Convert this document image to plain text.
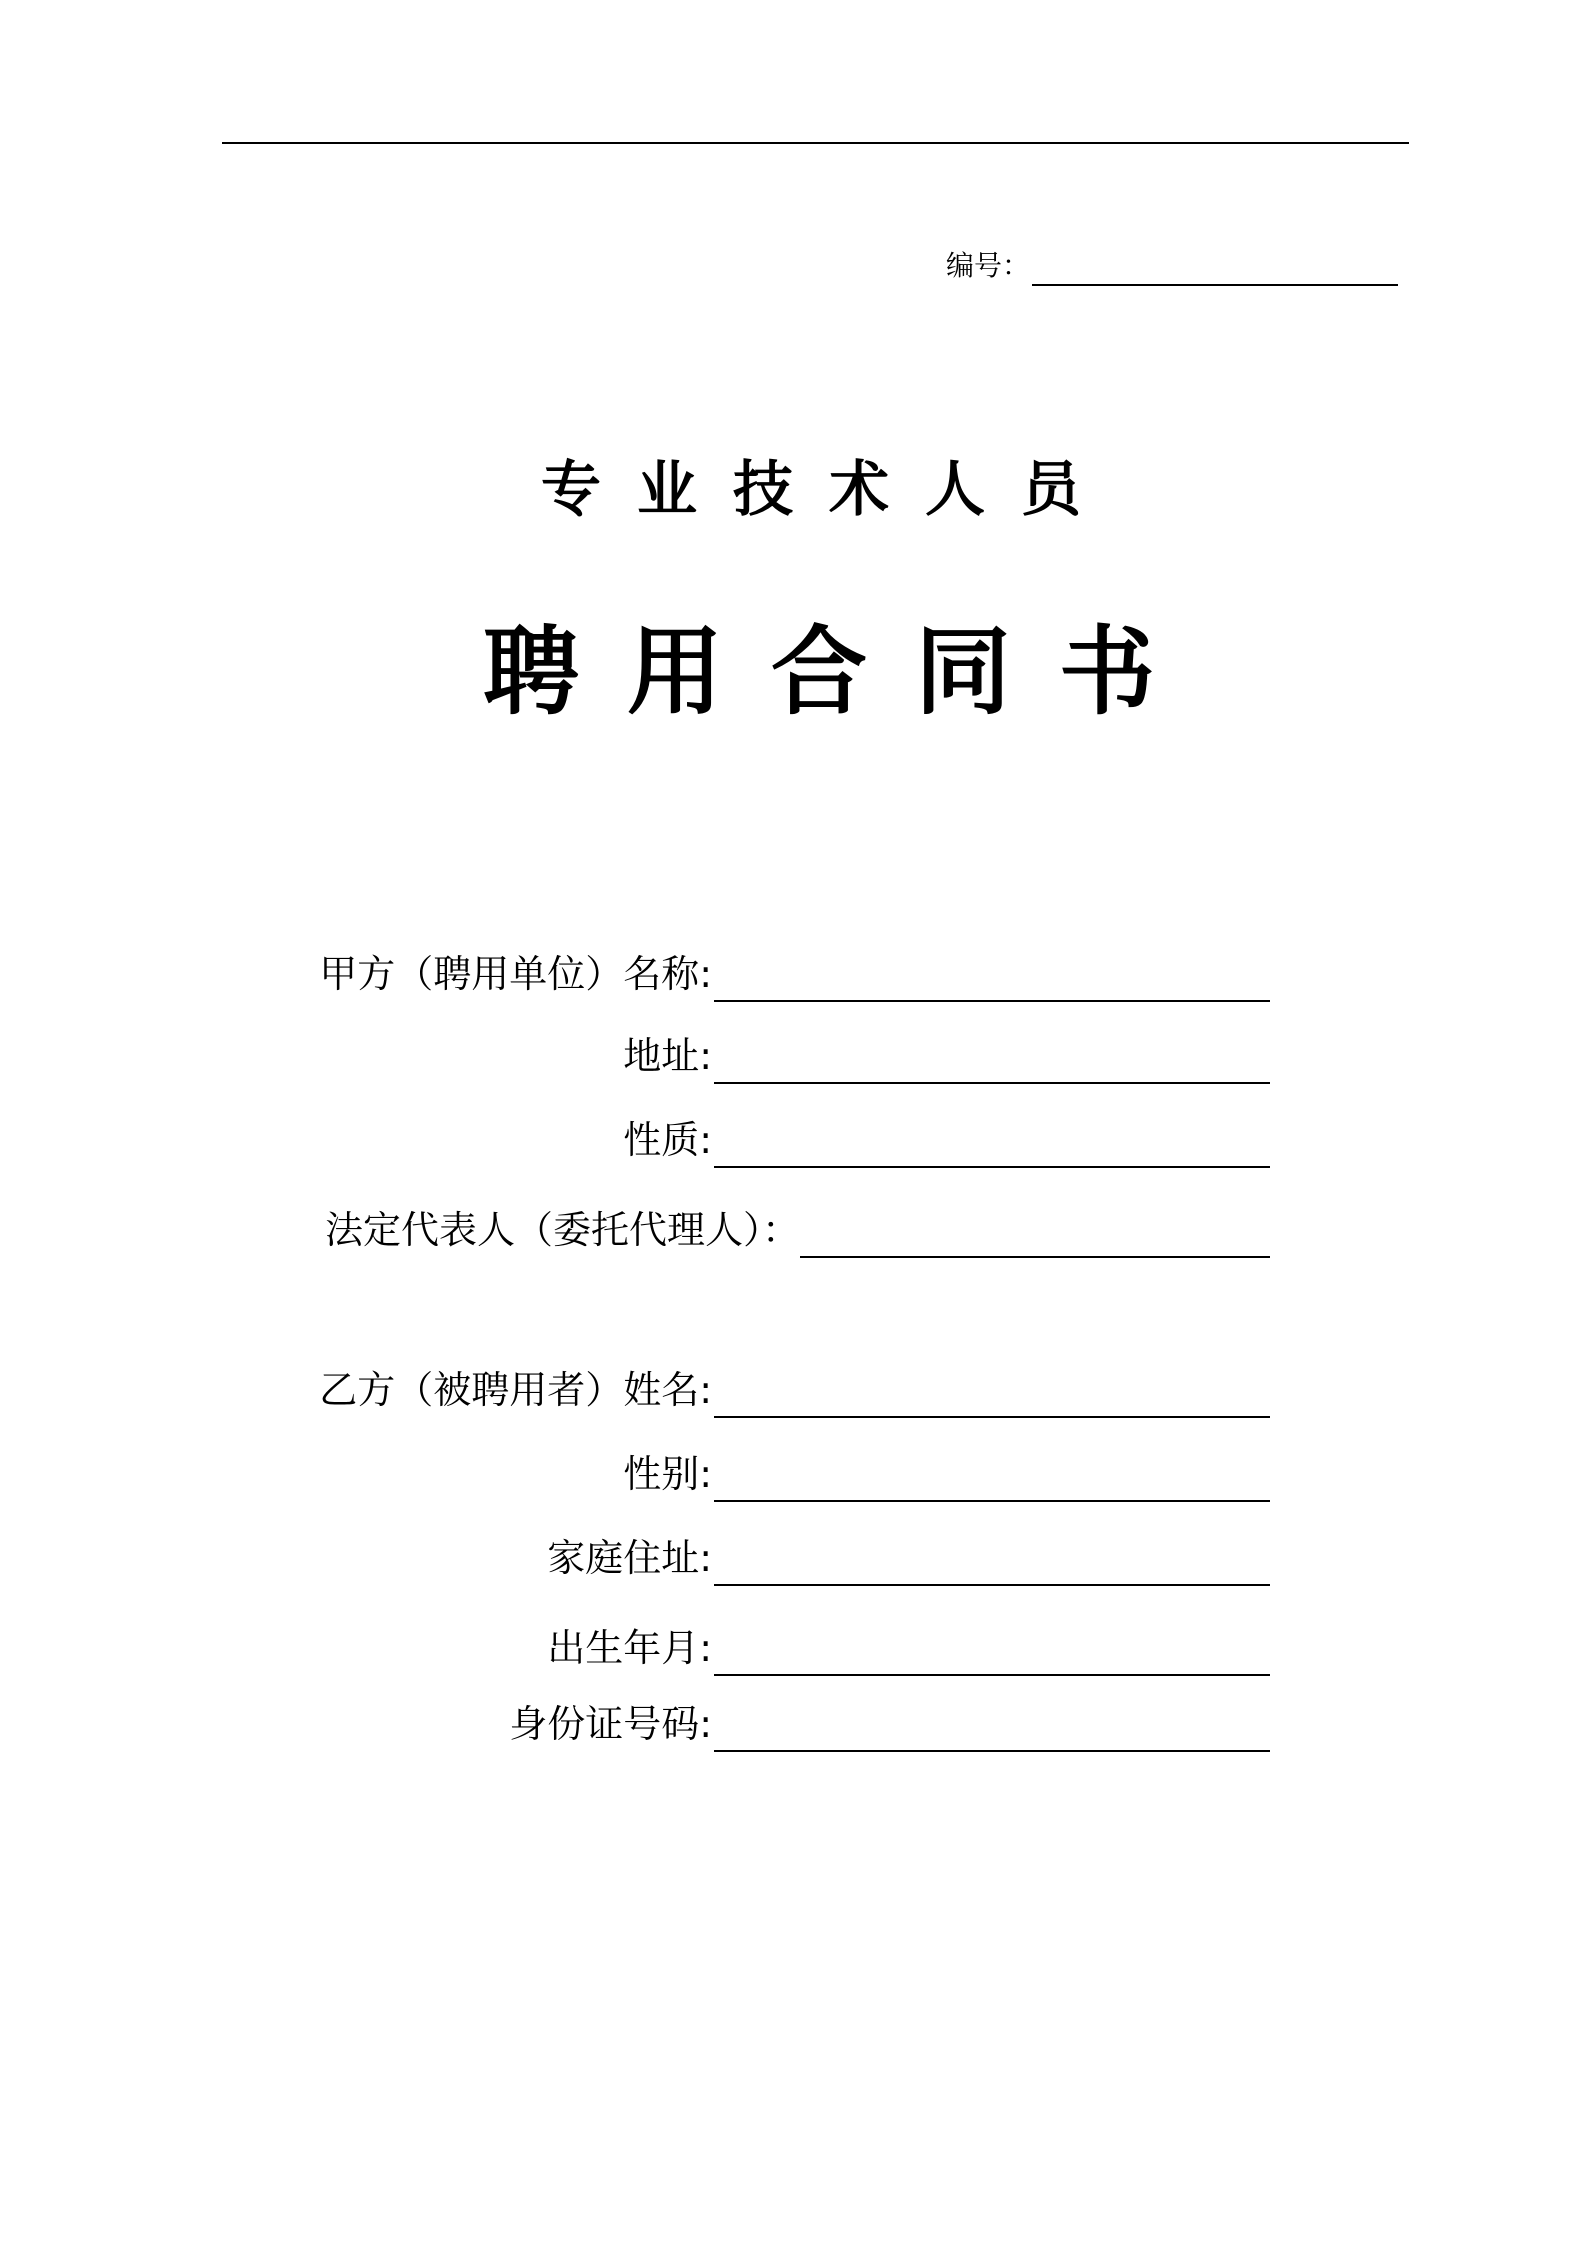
编号：
专业技术人员
聘用合同书
甲方（聘用单位）名称:
地址:
性质:
法定代表人（委托代理人）：
乙方（被聘用者）姓名:
性别:
家庭住址:
出生年月:
身份证号码:
